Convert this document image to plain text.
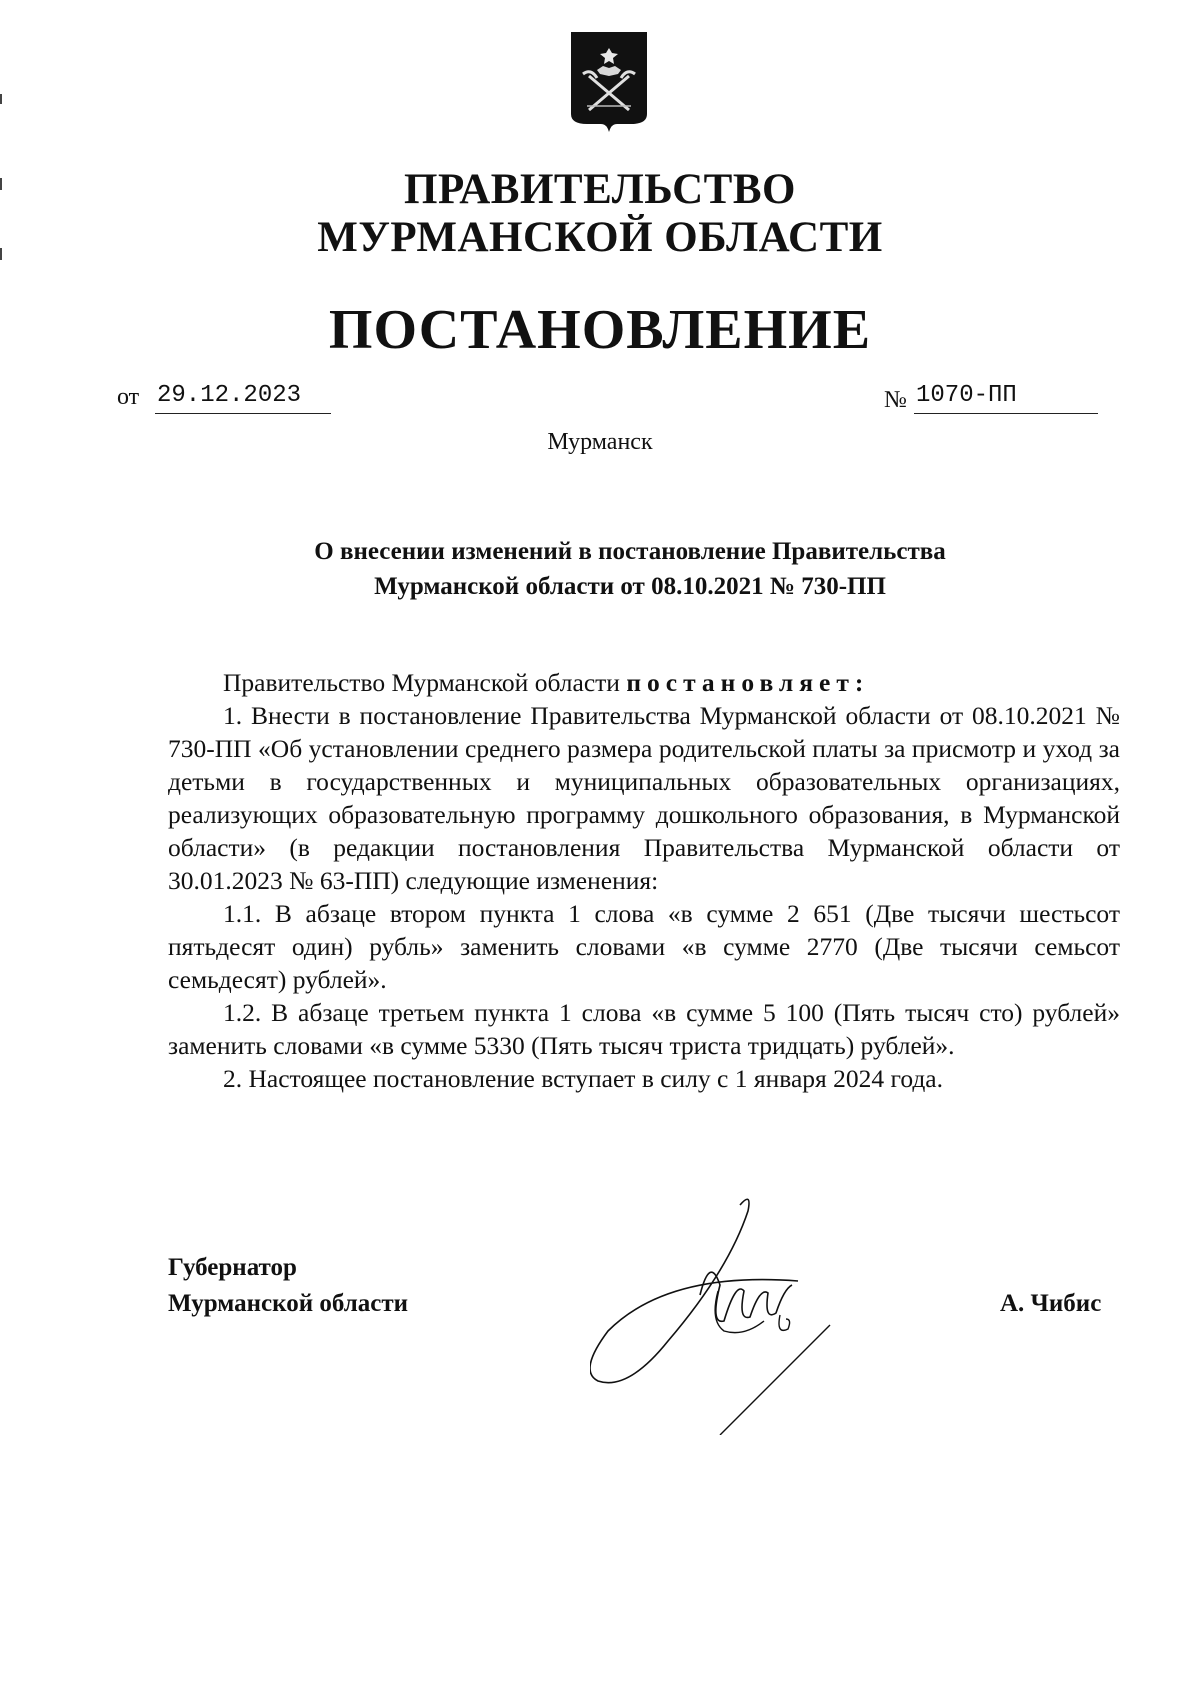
ПРАВИТЕЛЬСТВО
МУРМАНСКОЙ ОБЛАСТИ
ПОСТАНОВЛЕНИЕ
от 29.12.2023	№ 1070-ПП
Мурманск
О внесении изменений в постановление Правительства
Мурманской области от 08.10.2021 № 730-ПП

Правительство Мурманской области постановляет:

1. Внести в постановление Правительства Мурманской области от 08.10.2021 № 730-ПП «Об установлении среднего размера родительской платы за присмотр и уход за детьми в государственных и муниципальных образовательных организациях, реализующих образовательную программу дошкольного образования, в Мурманской области» (в редакции постановления Правительства Мурманской области от 30.01.2023 № 63-ПП) следующие изменения:

1.1. В абзаце втором пункта 1 слова «в сумме 2 651 (Две тысячи шестьсот пятьдесят один) рубль» заменить словами «в сумме 2770 (Две тысячи семьсот семьдесят) рублей».

1.2. В абзаце третьем пункта 1 слова «в сумме 5 100 (Пять тысяч сто) рублей» заменить словами «в сумме 5330 (Пять тысяч триста тридцать) рублей».

2. Настоящее постановление вступает в силу с 1 января 2024 года.

Губернатор
Мурманской области	А. Чибис
